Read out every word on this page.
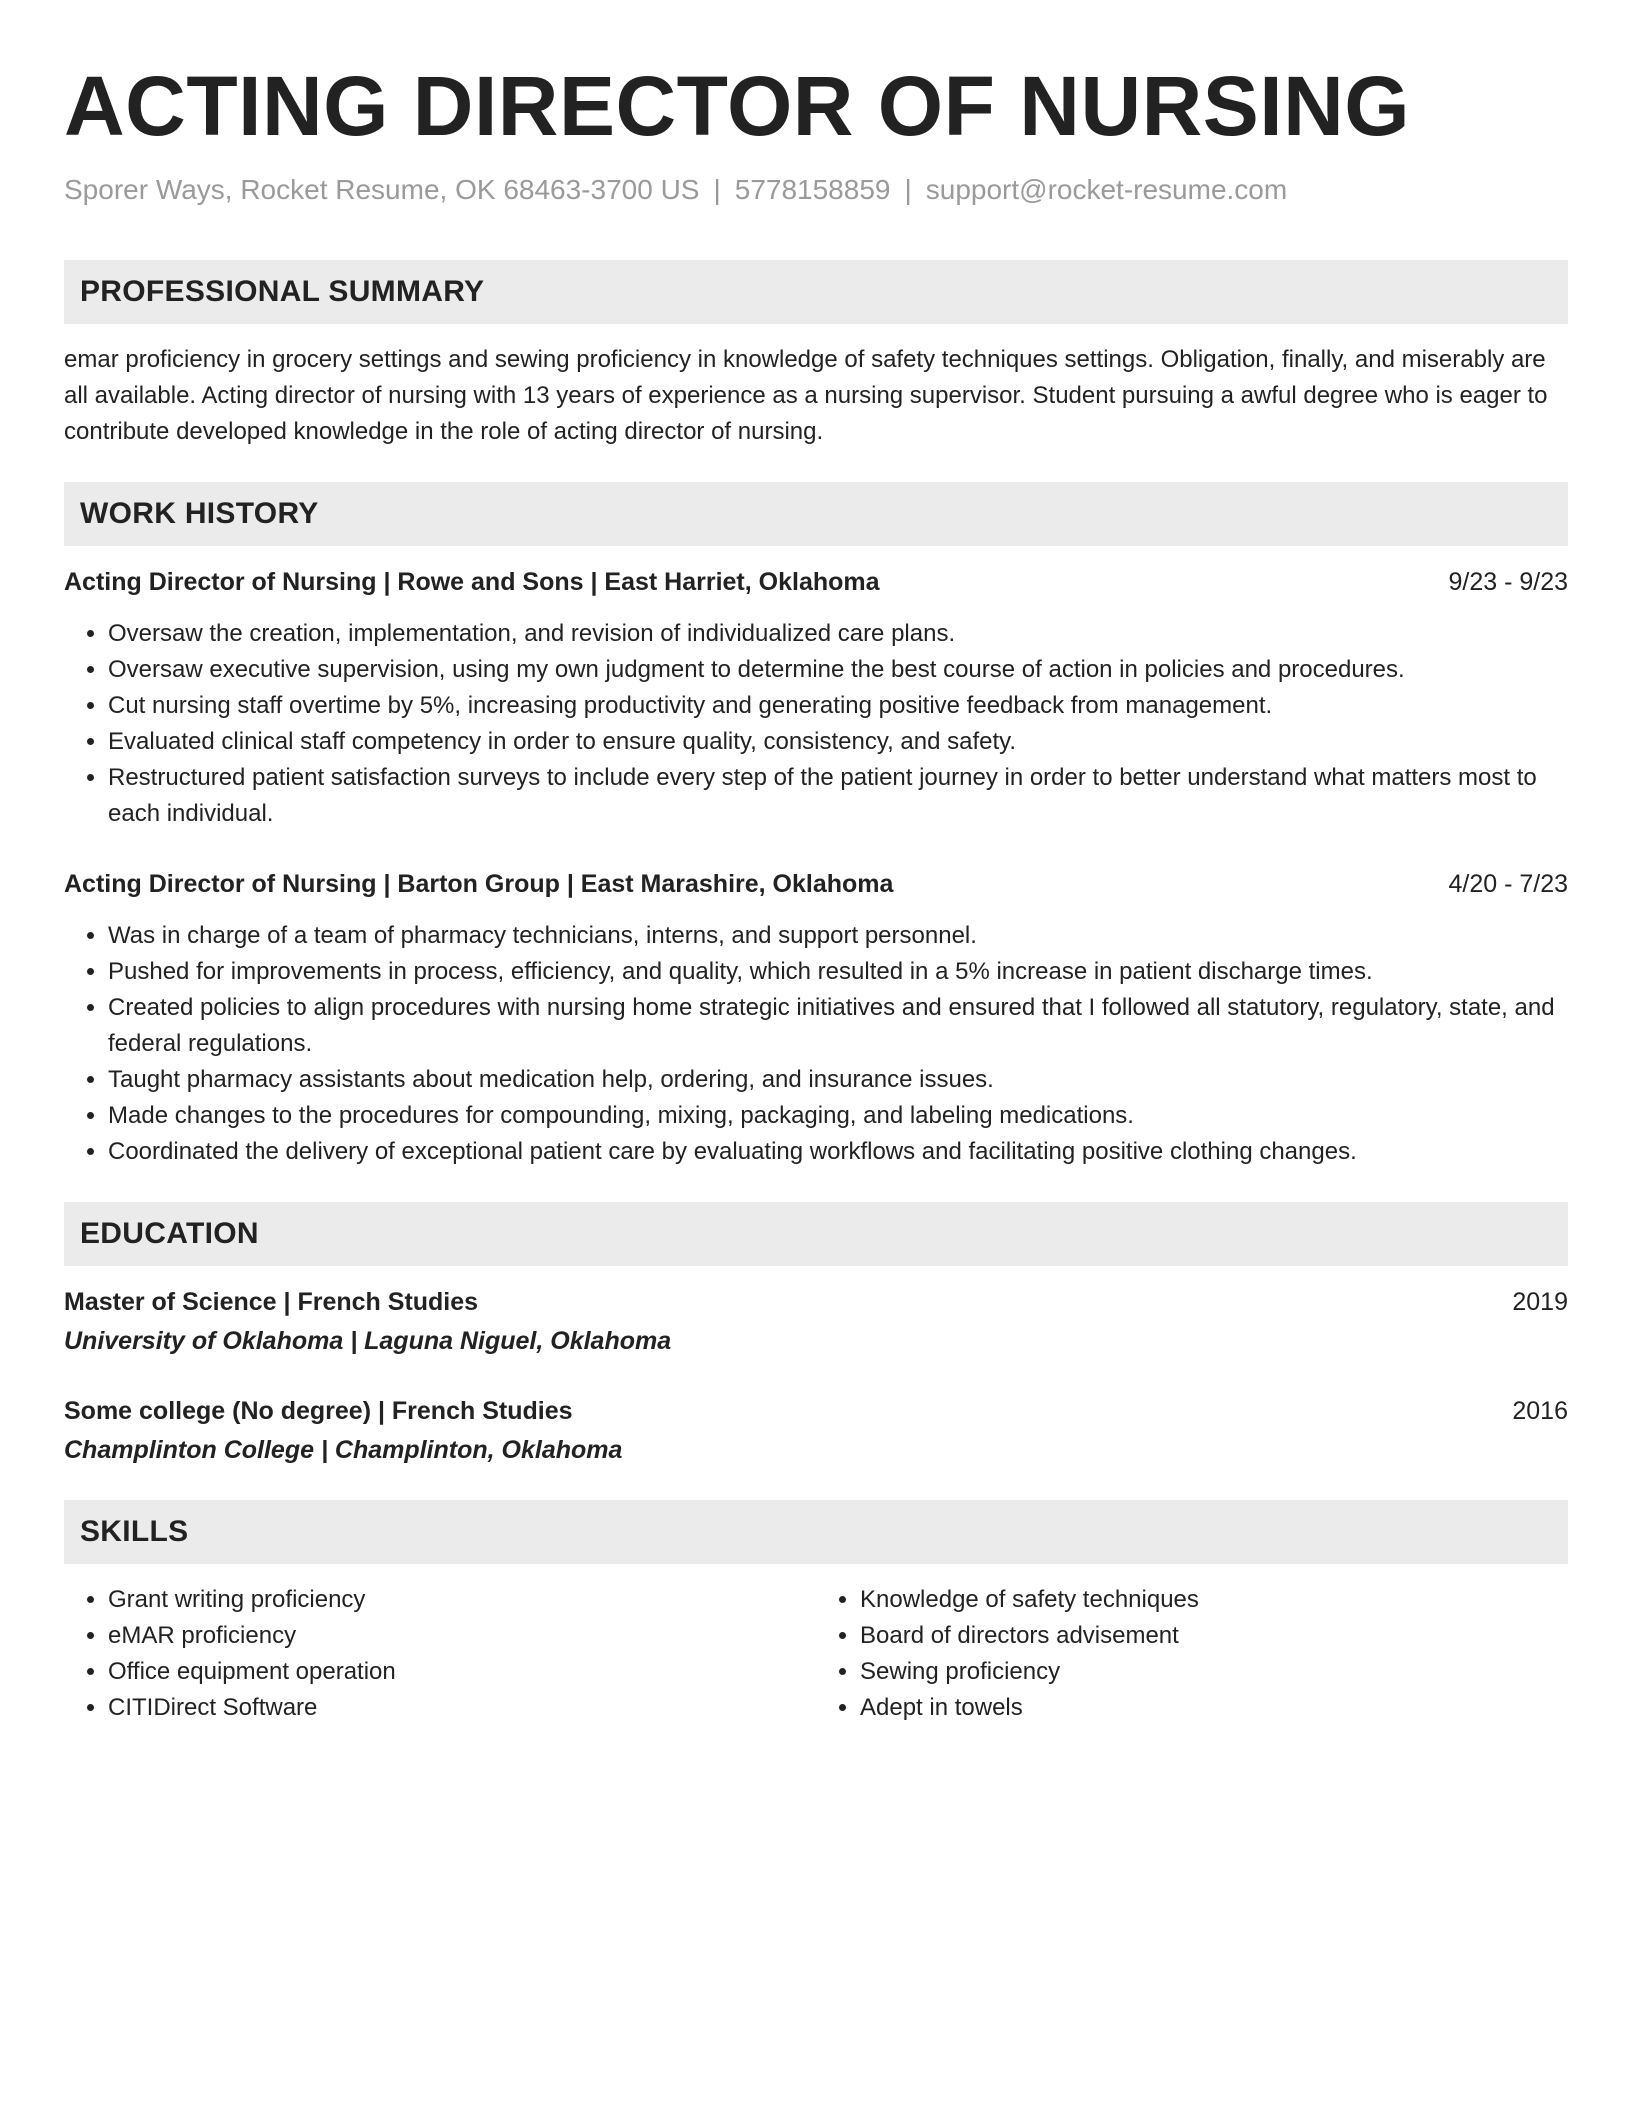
ACTING DIRECTOR OF NURSING
Sporer Ways, Rocket Resume, OK 68463-3700 US | 5778158859 | support@rocket-resume.com
PROFESSIONAL SUMMARY

emar proficiency in grocery settings and sewing proficiency in knowledge of safety techniques settings. Obligation, finally, and miserably are all available. Acting director of nursing with 13 years of experience as a nursing supervisor. Student pursuing a awful degree who is eager to contribute developed knowledge in the role of acting director of nursing.

WORK HISTORY
Acting Director of Nursing | Rowe and Sons | East Harriet, Oklahoma	9/23 - 9/23
• Oversaw the creation, implementation, and revision of individualized care plans.
• Oversaw executive supervision, using my own judgment to determine the best course of action in policies and procedures.
• Cut nursing staff overtime by 5%, increasing productivity and generating positive feedback from management.
• Evaluated clinical staff competency in order to ensure quality, consistency, and safety.
• Restructured patient satisfaction surveys to include every step of the patient journey in order to better understand what matters most to each individual.
Acting Director of Nursing | Barton Group | East Marashire, Oklahoma	4/20 - 7/23
• Was in charge of a team of pharmacy technicians, interns, and support personnel.
• Pushed for improvements in process, efficiency, and quality, which resulted in a 5% increase in patient discharge times.
• Created policies to align procedures with nursing home strategic initiatives and ensured that I followed all statutory, regulatory, state, and federal regulations.
• Taught pharmacy assistants about medication help, ordering, and insurance issues.
• Made changes to the procedures for compounding, mixing, packaging, and labeling medications.
• Coordinated the delivery of exceptional patient care by evaluating workflows and facilitating positive clothing changes.
EDUCATION
Master of Science | French Studies	2019
University of Oklahoma | Laguna Niguel, Oklahoma
Some college (No degree) | French Studies	2016
Champlinton College | Champlinton, Oklahoma
SKILLS
• Grant writing proficiency
• eMAR proficiency
• Office equipment operation
• CITIDirect Software
• Knowledge of safety techniques
• Board of directors advisement
• Sewing proficiency
• Adept in towels
